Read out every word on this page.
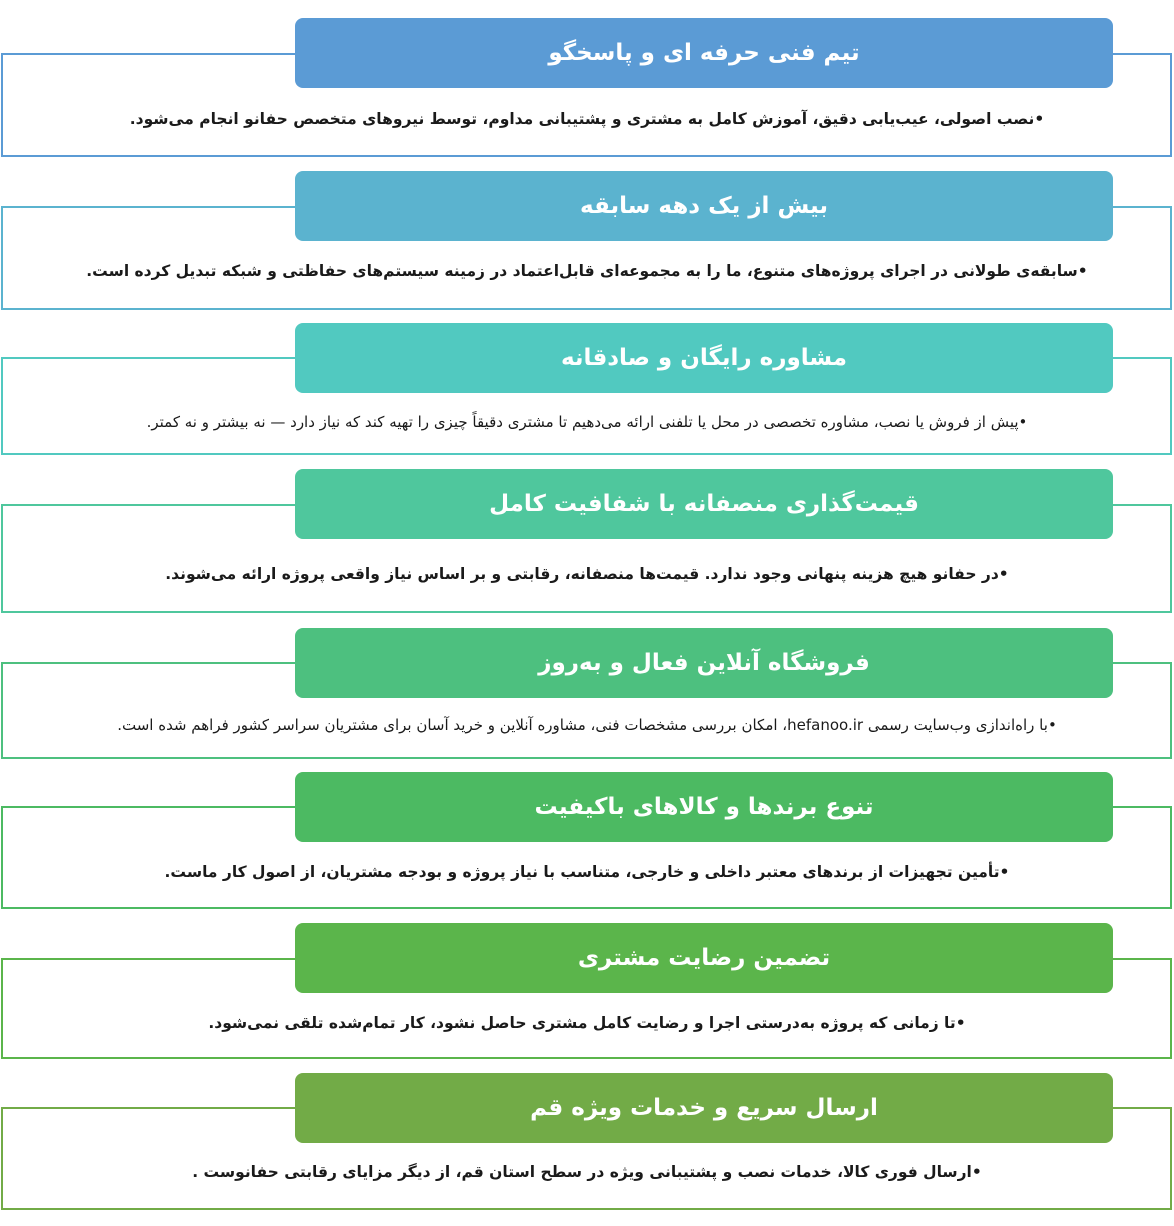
تیم فنی حرفه ای و پاسخگو
•نصب اصولی، عیب‌یابی دقیق، آموزش کامل به مشتری و پشتیبانی مداوم، توسط نیروهای متخصص حفانو انجام می‌شود.
بیش از یک دهه سابقه
•سابقه‌ی طولانی در اجرای پروژه‌های متنوع، ما را به مجموعه‌ای قابل‌اعتماد در زمینه سیستم‌های حفاظتی و شبکه تبدیل کرده است.
مشاوره رایگان و صادقانه
•پیش از فروش یا نصب، مشاوره تخصصی در محل یا تلفنی ارائه می‌دهیم تا مشتری دقیقاً چیزی را تهیه کند که نیاز دارد — نه بیشتر و نه کمتر.
قیمت‌گذاری منصفانه با شفافیت کامل
•در حفانو هیچ هزینه پنهانی وجود ندارد. قیمت‌ها منصفانه، رقابتی و بر اساس نیاز واقعی پروژه ارائه می‌شوند.
فروشگاه آنلاین فعال و به‌روز
•با راه‌اندازی وب‌سایت رسمی hefanoo.ir، امکان بررسی مشخصات فنی، مشاوره آنلاین و خرید آسان برای مشتریان سراسر کشور فراهم شده است.
تنوع برندها و کالاهای باکیفیت
•تأمین تجهیزات از برندهای معتبر داخلی و خارجی، متناسب با نیاز پروژه و بودجه مشتریان، از اصول کار ماست.
تضمین رضایت مشتری
•تا زمانی که پروژه به‌درستی اجرا و رضایت کامل مشتری حاصل نشود، کار تمام‌شده تلقی نمی‌شود.
ارسال سریع و خدمات ویژه قم
•ارسال فوری کالا، خدمات نصب و پشتیبانی ویژه در سطح استان قم، از دیگر مزایای رقابتی حفانوست .
